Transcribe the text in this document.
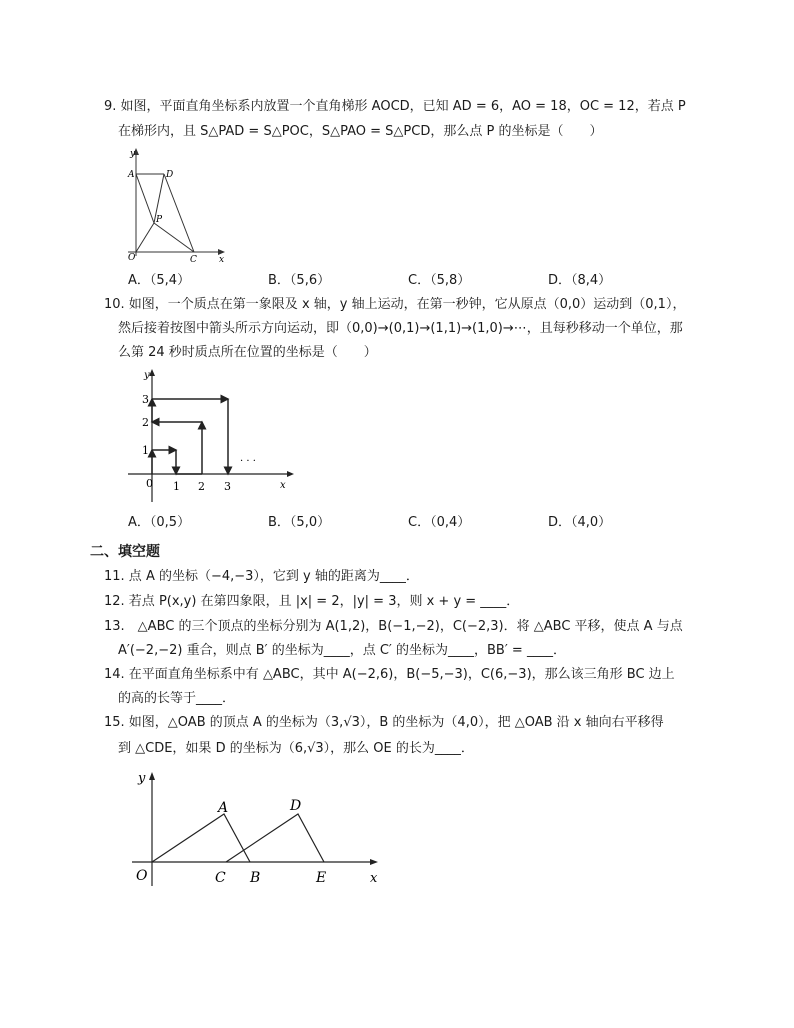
9. 如图，平面直角坐标系内放置一个直角梯形 AOCD，已知 AD = 6，AO = 18，OC = 12，若点 P
在梯形内，且 S△PAD = S△POC，S△PAO = S△PCD，那么点 P 的坐标是（　　）
y
x
A	D
P
O	C
A．（5,4）	B．（5,6）	C．（5,8）	D．（8,4）
10. 如图，一个质点在第一象限及 x 轴，y 轴上运动，在第一秒钟，它从原点（0,0）运动到（0,1），
然后接着按图中箭头所示方向运动，即（0,0)→(0,1)→(1,1)→(1,0)→⋯，且每秒移动一个单位，那
么第 24 秒时质点所在位置的坐标是（　　）
y
x
0 1 2 3
1
2
3
· · ·
A．（0,5）	B．（5,0）	C．（0,4）	D．（4,0）
二、填空题
11. 点 A 的坐标（−4,−3），它到 y 轴的距离为____．
12. 若点 P(x,y) 在第四象限，且 |x| = 2，|y| = 3，则 x + y = ____．
13.　△ABC 的三个顶点的坐标分别为 A(1,2)，B(−1,−2)，C(−2,3)．将 △ABC 平移，使点 A 与点
A′(−2,−2) 重合，则点 B′ 的坐标为____，点 C′ 的坐标为____，BB′ = ____．
14. 在平面直角坐标系中有 △ABC，其中 A(−2,6)，B(−5,−3)，C(6,−3)，那么该三角形 BC 边上
的高的长等于____．
15. 如图，△OAB 的顶点 A 的坐标为（3,√3），B 的坐标为（4,0），把 △OAB 沿 x 轴向右平移得
到 △CDE，如果 D 的坐标为（6,√3），那么 OE 的长为____．
y
x
O
A
B
C
D
E
